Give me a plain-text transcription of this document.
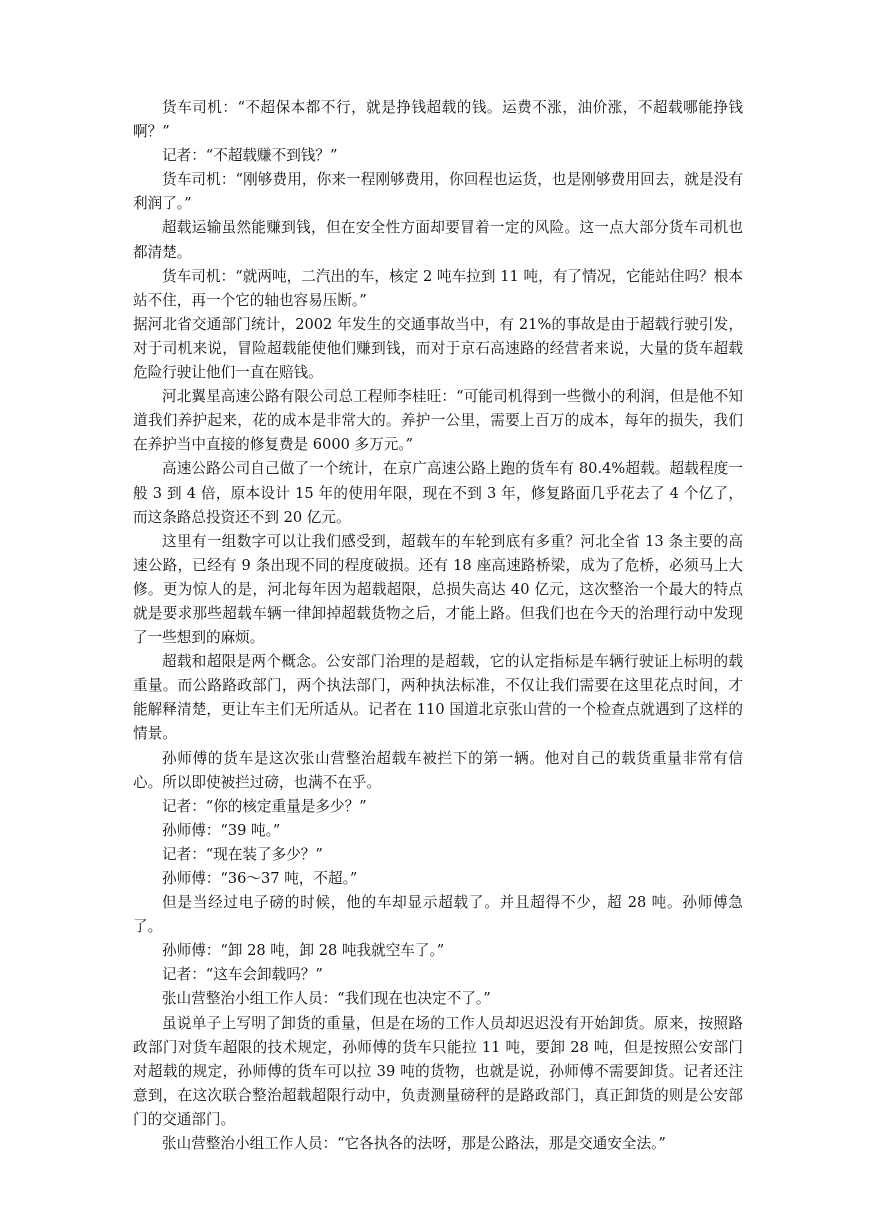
货车司机：“不超保本都不行，就是挣钱超载的钱。运费不涨，油价涨，不超载哪能挣钱啊？”

记者：“不超载赚不到钱？”

货车司机：“刚够费用，你来一程刚够费用，你回程也运货，也是刚够费用回去，就是没有利润了。”

超载运输虽然能赚到钱，但在安全性方面却要冒着一定的风险。这一点大部分货车司机也都清楚。

货车司机：“就两吨，二汽出的车，核定 2 吨车拉到 11 吨，有了情况，它能站住吗？根本站不住，再一个它的轴也容易压断。”

据河北省交通部门统计，2002 年发生的交通事故当中，有 21%的事故是由于超载行驶引发，对于司机来说，冒险超载能使他们赚到钱，而对于京石高速路的经营者来说，大量的货车超载危险行驶让他们一直在赔钱。

河北翼星高速公路有限公司总工程师李桂旺：“可能司机得到一些微小的利润，但是他不知道我们养护起来，花的成本是非常大的。养护一公里，需要上百万的成本，每年的损失，我们在养护当中直接的修复费是 6000 多万元。”

高速公路公司自己做了一个统计，在京广高速公路上跑的货车有 80.4%超载。超载程度一般 3 到 4 倍，原本设计 15 年的使用年限，现在不到 3 年，修复路面几乎花去了 4 个亿了，而这条路总投资还不到 20 亿元。

这里有一组数字可以让我们感受到，超载车的车轮到底有多重？河北全省 13 条主要的高速公路，已经有 9 条出现不同的程度破损。还有 18 座高速路桥梁，成为了危桥，必须马上大修。更为惊人的是，河北每年因为超载超限，总损失高达 40 亿元，这次整治一个最大的特点就是要求那些超载车辆一律卸掉超载货物之后，才能上路。但我们也在今天的治理行动中发现了一些想到的麻烦。

超载和超限是两个概念。公安部门治理的是超载，它的认定指标是车辆行驶证上标明的载重量。而公路路政部门，两个执法部门，两种执法标准，不仅让我们需要在这里花点时间，才能解释清楚，更让车主们无所适从。记者在 110 国道北京张山营的一个检查点就遇到了这样的情景。

孙师傅的货车是这次张山营整治超载车被拦下的第一辆。他对自己的载货重量非常有信心。所以即使被拦过磅，也满不在乎。

记者：“你的核定重量是多少？”

孙师傅：“39 吨。”

记者：“现在装了多少？”

孙师傅：“36～37 吨，不超。”

但是当经过电子磅的时候，他的车却显示超载了。并且超得不少，超 28 吨。孙师傅急了。

孙师傅：“卸 28 吨，卸 28 吨我就空车了。”

记者：“这车会卸载吗？”

张山营整治小组工作人员：“我们现在也决定不了。”

虽说单子上写明了卸货的重量，但是在场的工作人员却迟迟没有开始卸货。原来，按照路政部门对货车超限的技术规定，孙师傅的货车只能拉 11 吨，要卸 28 吨，但是按照公安部门对超载的规定，孙师傅的货车可以拉 39 吨的货物，也就是说，孙师傅不需要卸货。记者还注意到，在这次联合整治超载超限行动中，负责测量磅秤的是路政部门，真正卸货的则是公安部门的交通部门。

张山营整治小组工作人员：“它各执各的法呀，那是公路法，那是交通安全法。”
